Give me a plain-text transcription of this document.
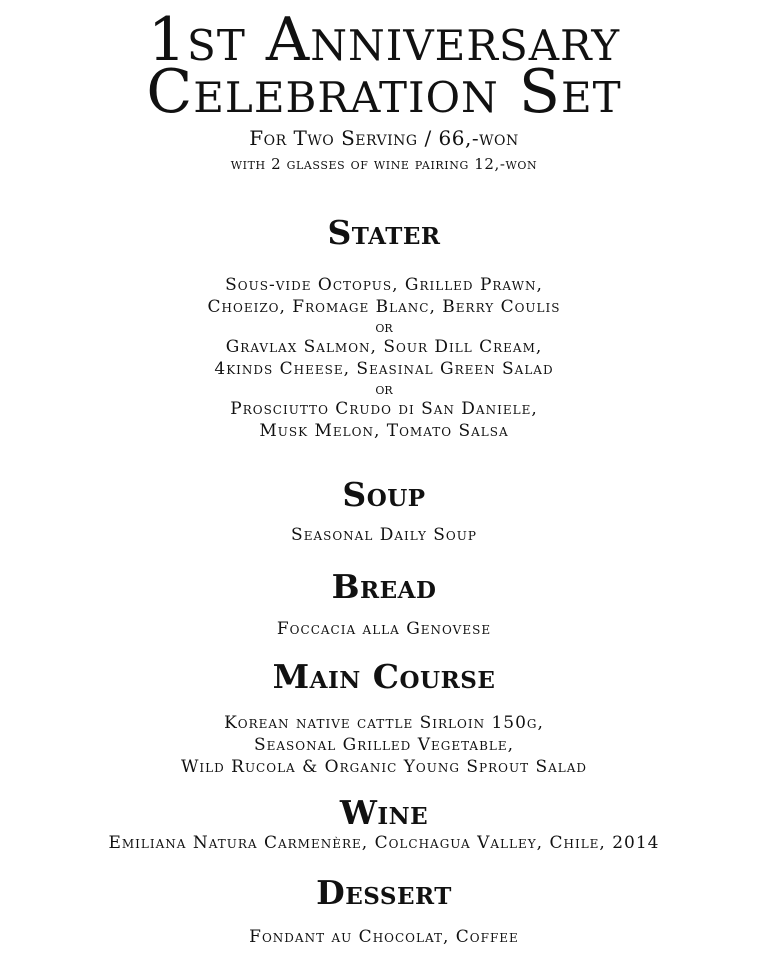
1st Anniversary
Celebration Set

For Two Serving / 66,-won

with 2 glasses of wine pairing 12,-won

Stater

Sous-vide Octopus, Grilled Prawn,

Choeizo, Fromage Blanc, Berry Coulis

or

Gravlax Salmon, Sour Dill Cream,

4kinds Cheese, Seasinal Green Salad

or

Prosciutto Crudo di San Daniele,

Musk Melon, Tomato Salsa

Soup

Seasonal Daily Soup

Bread

Foccacia alla Genovese

Main Course

Korean native cattle Sirloin 150g,

Seasonal Grilled Vegetable,

Wild Rucola & Organic Young Sprout Salad

Wine

Emiliana Natura Carmenère, Colchagua Valley, Chile, 2014

Dessert

Fondant au Chocolat, Coffee
